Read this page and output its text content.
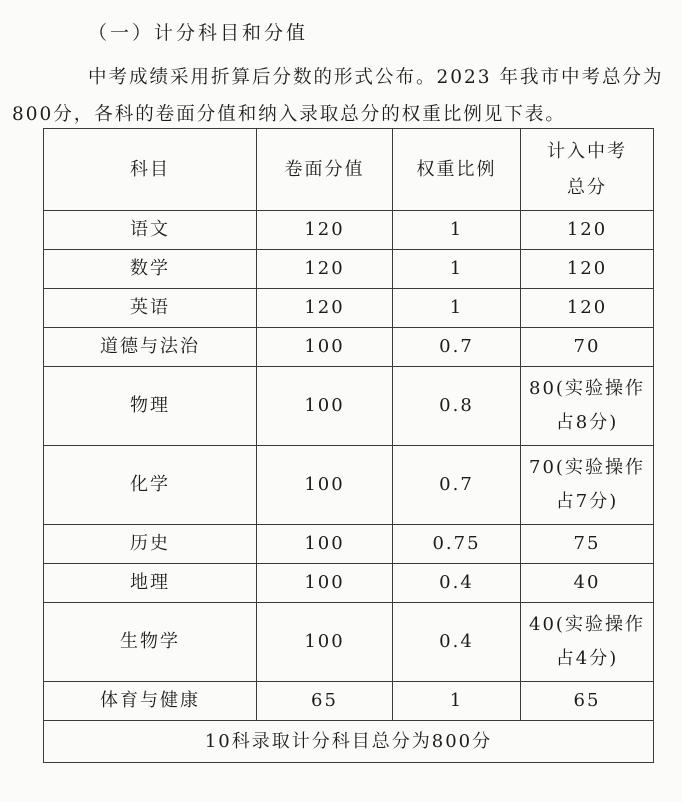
（一）计分科目和分值
中考成绩采用折算后分数的形式公布。2023 年我市中考总分为800分，各科的卷面分值和纳入录取总分的权重比例见下表。
科目	卷面分值	权重比例	计入中考
总分

语文	120	1	120

数学	120	1	120

英语	120	1	120

道德与法治	100	0.7	70

物理	100	0.8	80(实验操作
占8分)

化学	100	0.7	70(实验操作
占7分)

历史	100	0.75	75

地理	100	0.4	40

生物学	100	0.4	40(实验操作
占4分)

体育与健康	65	1	65

10科录取计分科目总分为800分			
